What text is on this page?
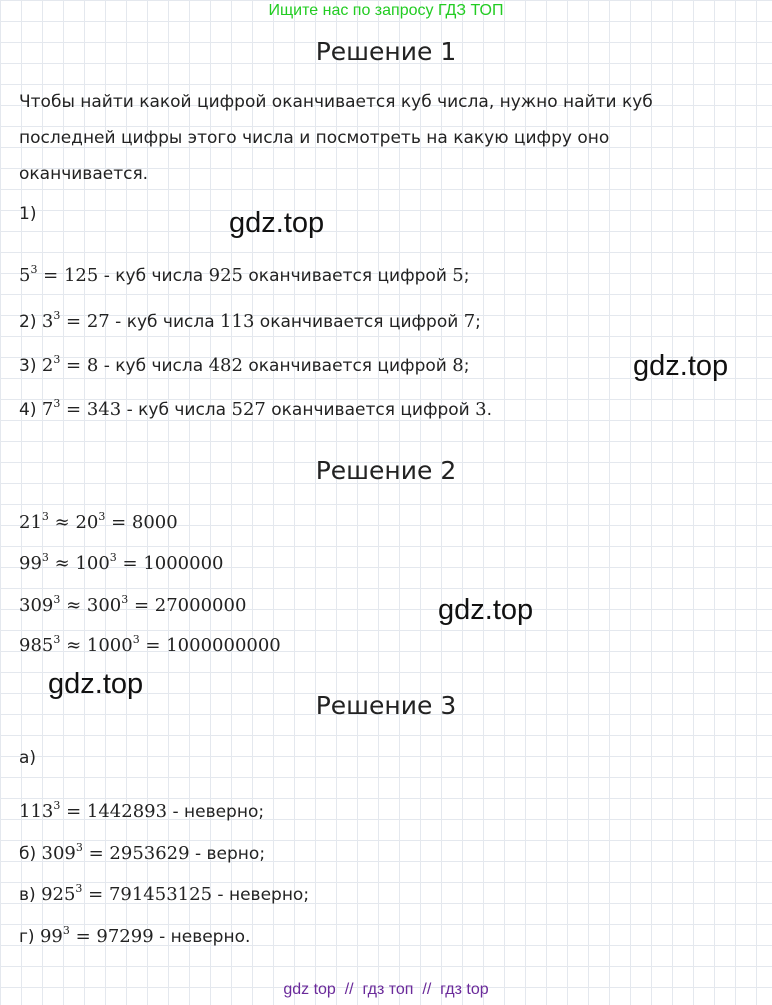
Ищите нас по запросу ГДЗ ТОП
Решение 1
Чтобы найти какой цифрой оканчивается куб числа, нужно найти куб последней цифры этого числа и посмотреть на какую цифру оно оканчивается.
1)
$5^3 = 125$ - куб числа 925 оканчивается цифрой 5;
2) $3^3 = 27$ - куб числа 113 оканчивается цифрой 7;
3) $2^3 = 8$ - куб числа 482 оканчивается цифрой 8;
4) $7^3 = 343$ - куб числа 527 оканчивается цифрой 3.
Решение 2
$21^3 \approx 20^3 = 8000$
$99^3 \approx 100^3 = 1000000$
$309^3 \approx 300^3 = 27000000$
$985^3 \approx 1000^3 = 1000000000$
Решение 3
а)
$113^3 = 1442893$ - неверно;
б) $309^3 = 2953629$ - верно;
в) $925^3 = 791453125$ - неверно;
г) $99^3 = 97299$ - неверно.
gdz.top
gdz.top
gdz.top
gdz.top
gdz top // гдз топ // гдз top
